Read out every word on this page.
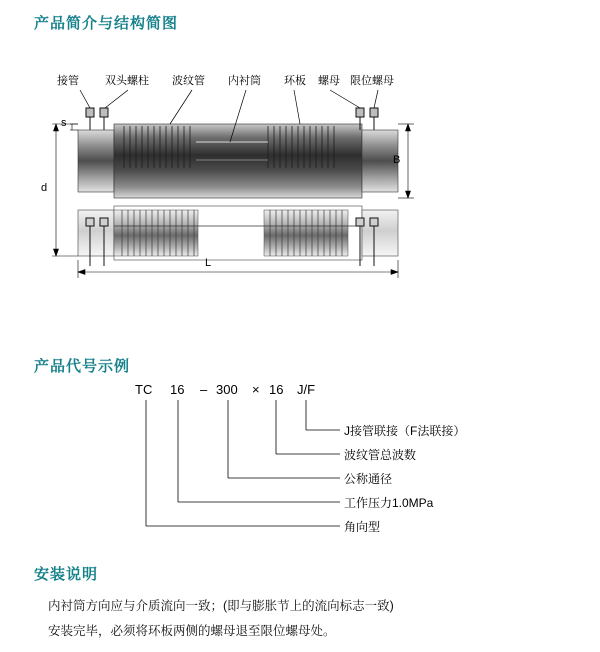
产品简介与结构简图
接管 双头螺柱 波纹管 内衬筒 环板 螺母 限位螺母
s
d
B
L
产品代号示例
TC 16 – 300 × 16 J/F
J接管联接（F法联接）
波纹管总波数
公称通径
工作压力1.0MPa
角向型
安装说明

内衬筒方向应与介质流向一致；(即与膨胀节上的流向标志一致)

安装完毕，必须将环板两侧的螺母退至限位螺母处。
